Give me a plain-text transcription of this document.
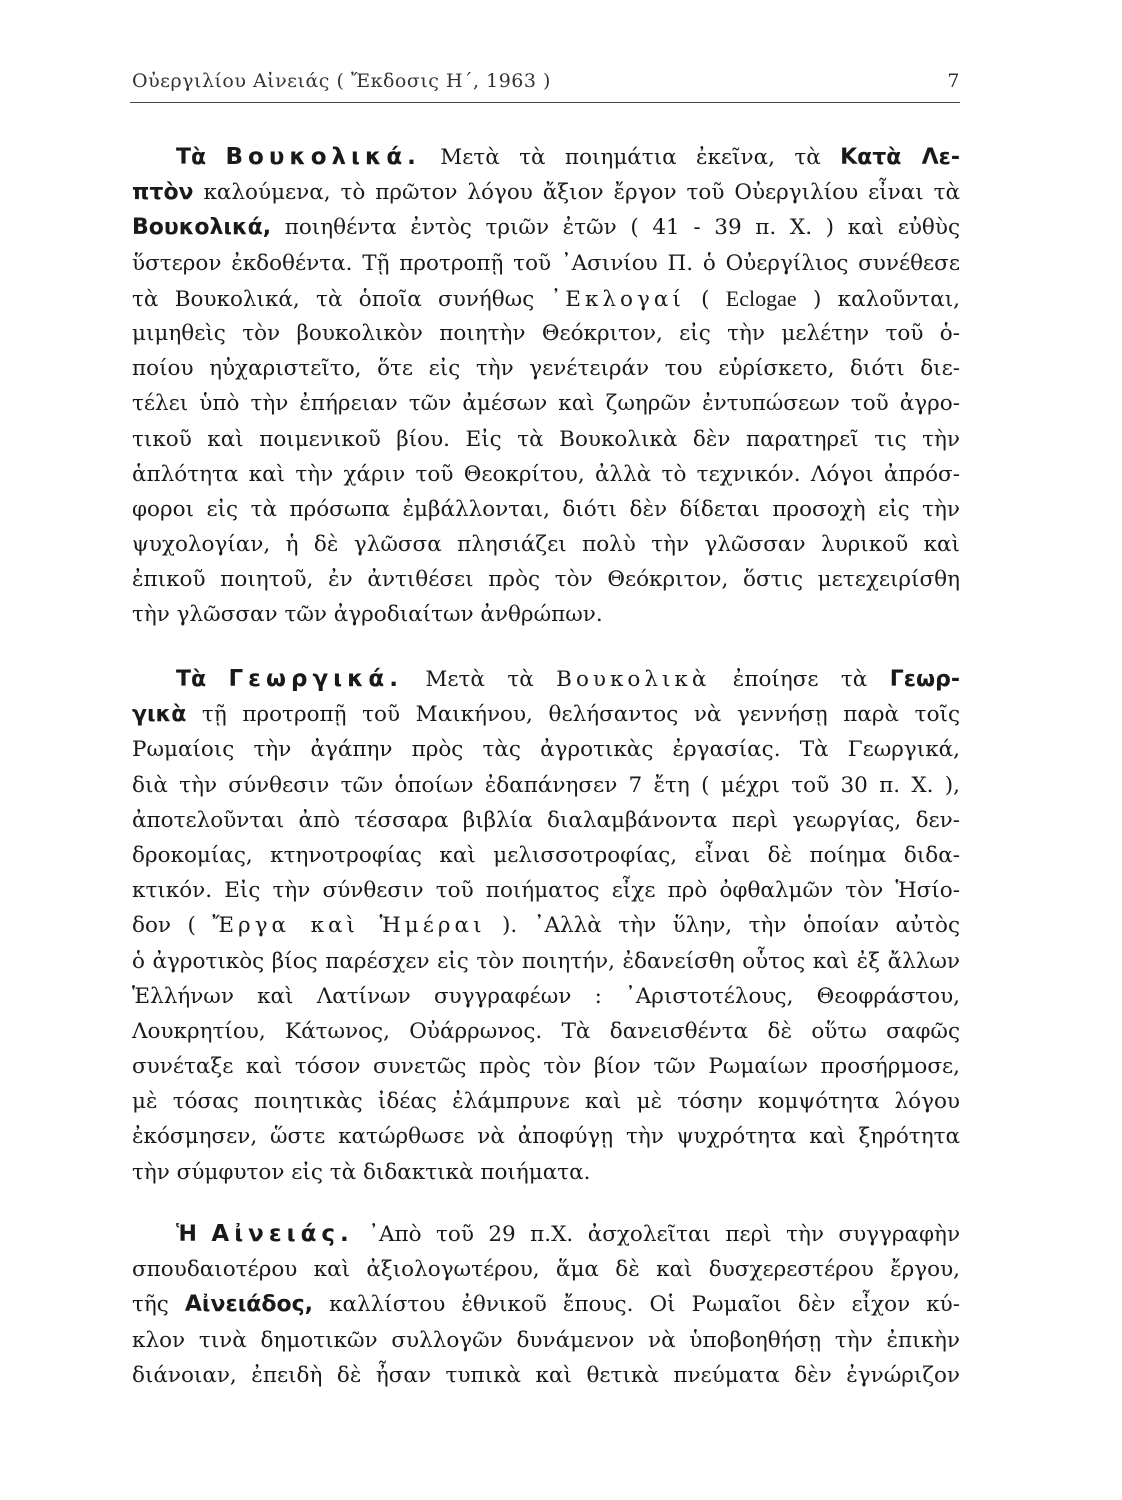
Οὐεργιλίου Αἰνειάς ( Ἔκδοσις Η΄, 1963 )	7
Τὰ Βουκολικά. Μετὰ τὰ ποιημάτια ἐκεῖνα, τὰ Κατὰ Λε-
πτὸν καλούμενα, τὸ πρῶτον λόγου ἄξιον ἔργον τοῦ Οὐεργιλίου εἶναι τὰ
Βουκολικά, ποιηθέντα ἐντὸς τριῶν ἐτῶν ( 41 - 39 π. Χ. ) καὶ εὐθὺς
ὕστερον ἐκδοθέντα. Τῇ προτροπῇ τοῦ ᾿Ασινίου Π. ὁ Οὐεργίλιος συνέθεσε
τὰ Βουκολικά, τὰ ὁποῖα συνήθως ᾿Εκλογαί ( Eclogae ) καλοῦνται,
μιμηθεὶς τὸν βουκολικὸν ποιητὴν Θεόκριτον, εἰς τὴν μελέτην τοῦ ὁ-
ποίου ηὐχαριστεῖτο, ὅτε εἰς τὴν γενέτειράν του εὑρίσκετο, διότι διε-
τέλει ὑπὸ τὴν ἐπήρειαν τῶν ἀμέσων καὶ ζωηρῶν ἐντυπώσεων τοῦ ἀγρο-
τικοῦ καὶ ποιμενικοῦ βίου. Εἰς τὰ Βουκολικὰ δὲν παρατηρεῖ τις τὴν
ἁπλότητα καὶ τὴν χάριν τοῦ Θεοκρίτου, ἀλλὰ τὸ τεχνικόν. Λόγοι ἀπρόσ-
φοροι εἰς τὰ πρόσωπα ἐμβάλλονται, διότι δὲν δίδεται προσοχὴ εἰς τὴν
ψυχολογίαν, ἡ δὲ γλῶσσα πλησιάζει πολὺ τὴν γλῶσσαν λυρικοῦ καὶ
ἐπικοῦ ποιητοῦ, ἐν ἀντιθέσει πρὸς τὸν Θεόκριτον, ὅστις μετεχειρίσθη
τὴν γλῶσσαν τῶν ἀγροδιαίτων ἀνθρώπων.
Τὰ Γεωργικά. Μετὰ τὰ Βουκολικὰ ἐποίησε τὰ Γεωρ-
γικὰ τῇ προτροπῇ τοῦ Μαικήνου, θελήσαντος νὰ γεννήσῃ παρὰ τοῖς
Ρωμαίοις τὴν ἀγάπην πρὸς τὰς ἀγροτικὰς ἐργασίας. Τὰ Γεωργικά,
διὰ τὴν σύνθεσιν τῶν ὁποίων ἐδαπάνησεν 7 ἔτη ( μέχρι τοῦ 30 π. Χ. ),
ἀποτελοῦνται ἀπὸ τέσσαρα βιβλία διαλαμβάνοντα περὶ γεωργίας, δεν-
δροκομίας, κτηνοτροφίας καὶ μελισσοτροφίας, εἶναι δὲ ποίημα διδα-
κτικόν. Εἰς τὴν σύνθεσιν τοῦ ποιήματος εἶχε πρὸ ὀφθαλμῶν τὸν Ἡσίο-
δον ( Ἔργα καὶ Ἡμέραι ). ᾿Αλλὰ τὴν ὕλην, τὴν ὁποίαν αὐτὸς
ὁ ἀγροτικὸς βίος παρέσχεν εἰς τὸν ποιητήν, ἐδανείσθη οὗτος καὶ ἐξ ἄλλων
Ἑλλήνων καὶ Λατίνων συγγραφέων : ᾿Αριστοτέλους, Θεοφράστου,
Λουκρητίου, Κάτωνος, Οὐάρρωνος. Τὰ δανεισθέντα δὲ οὕτω σαφῶς
συνέταξε καὶ τόσον συνετῶς πρὸς τὸν βίον τῶν Ρωμαίων προσήρμοσε,
μὲ τόσας ποιητικὰς ἰδέας ἐλάμπρυνε καὶ μὲ τόσην κομψότητα λόγου
ἐκόσμησεν, ὥστε κατώρθωσε νὰ ἀποφύγῃ τὴν ψυχρότητα καὶ ξηρότητα
τὴν σύμφυτον εἰς τὰ διδακτικὰ ποιήματα.
Ἡ Αἰνειάς. ᾿Απὸ τοῦ 29 π.Χ. ἀσχολεῖται περὶ τὴν συγγραφὴν
σπουδαιοτέρου καὶ ἀξιολογωτέρου, ἅμα δὲ καὶ δυσχερεστέρου ἔργου,
τῆς Αἰνειάδος, καλλίστου ἐθνικοῦ ἔπους. Οἱ Ρωμαῖοι δὲν εἶχον κύ-
κλον τινὰ δημοτικῶν συλλογῶν δυνάμενον νὰ ὑποβοηθήσῃ τὴν ἐπικὴν
διάνοιαν, ἐπειδὴ δὲ ἦσαν τυπικὰ καὶ θετικὰ πνεύματα δὲν ἐγνώριζον
